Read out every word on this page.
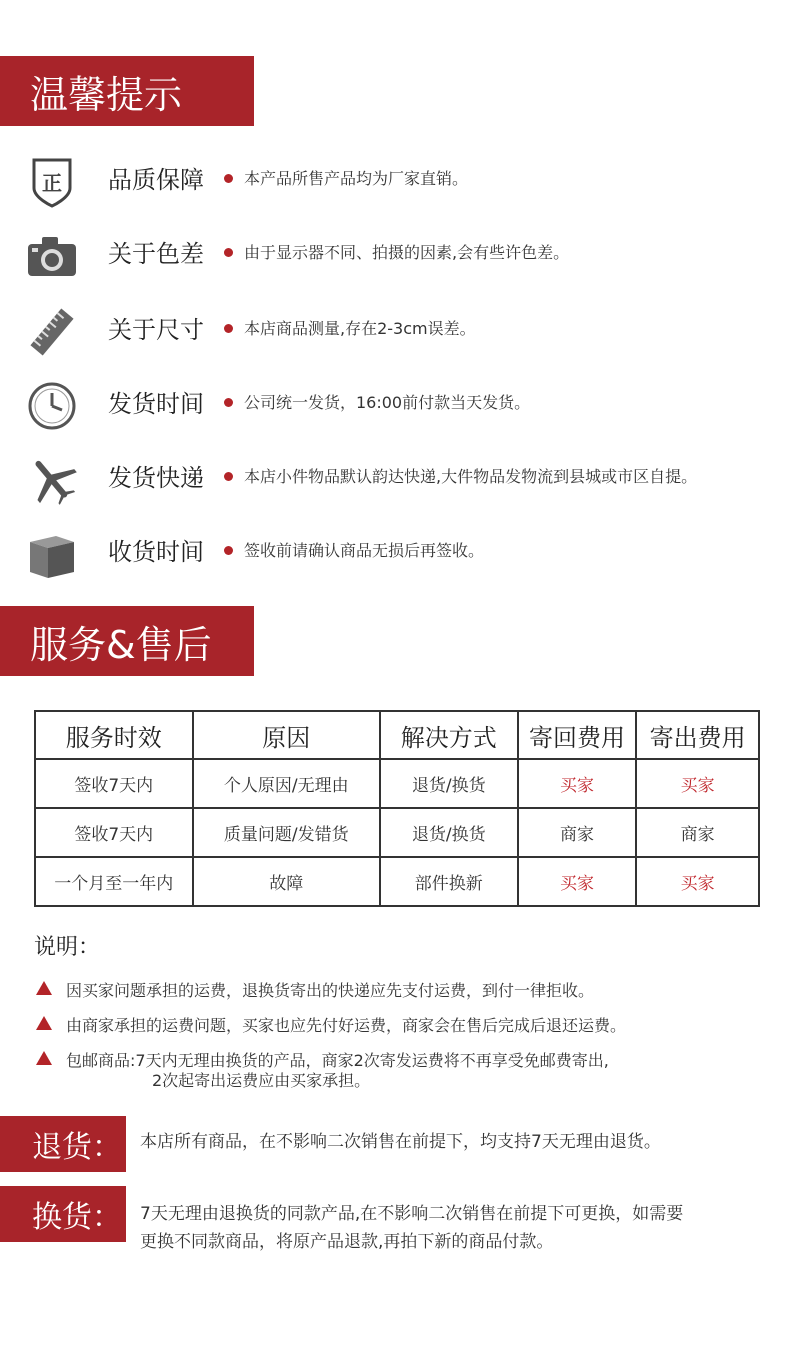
温馨提示
正 品质保障	本产品所售产品均为厂家直销。
关于色差	由于显示器不同、拍摄的因素,会有些许色差。
关于尺寸	本店商品测量,存在2-3cm误差。
发货时间	公司统一发货，16:00前付款当天发货。
发货快递	本店小件物品默认韵达快递,大件物品发物流到县城或市区自提。
收货时间	签收前请确认商品无损后再签收。
服务&售后
服务时效	原因	解决方式	寄回费用	寄出费用
签收7天内	个人原因/无理由	退货/换货	买家	买家
签收7天内	质量问题/发错货	退货/换货	商家	商家
一个月至一年内	故障	部件换新	买家	买家
说明：
因买家问题承担的运费，退换货寄出的快递应先支付运费，到付一律拒收。
由商家承担的运费问题，买家也应先付好运费，商家会在售后完成后退还运费。
包邮商品:7天内无理由换货的产品，商家2次寄发运费将不再享受免邮费寄出,
2次起寄出运费应由买家承担。
退货： 本店所有商品，在不影响二次销售在前提下，均支持7天无理由退货。
换货： 7天无理由退换货的同款产品,在不影响二次销售在前提下可更换，如需要
更换不同款商品，将原产品退款,再拍下新的商品付款。
